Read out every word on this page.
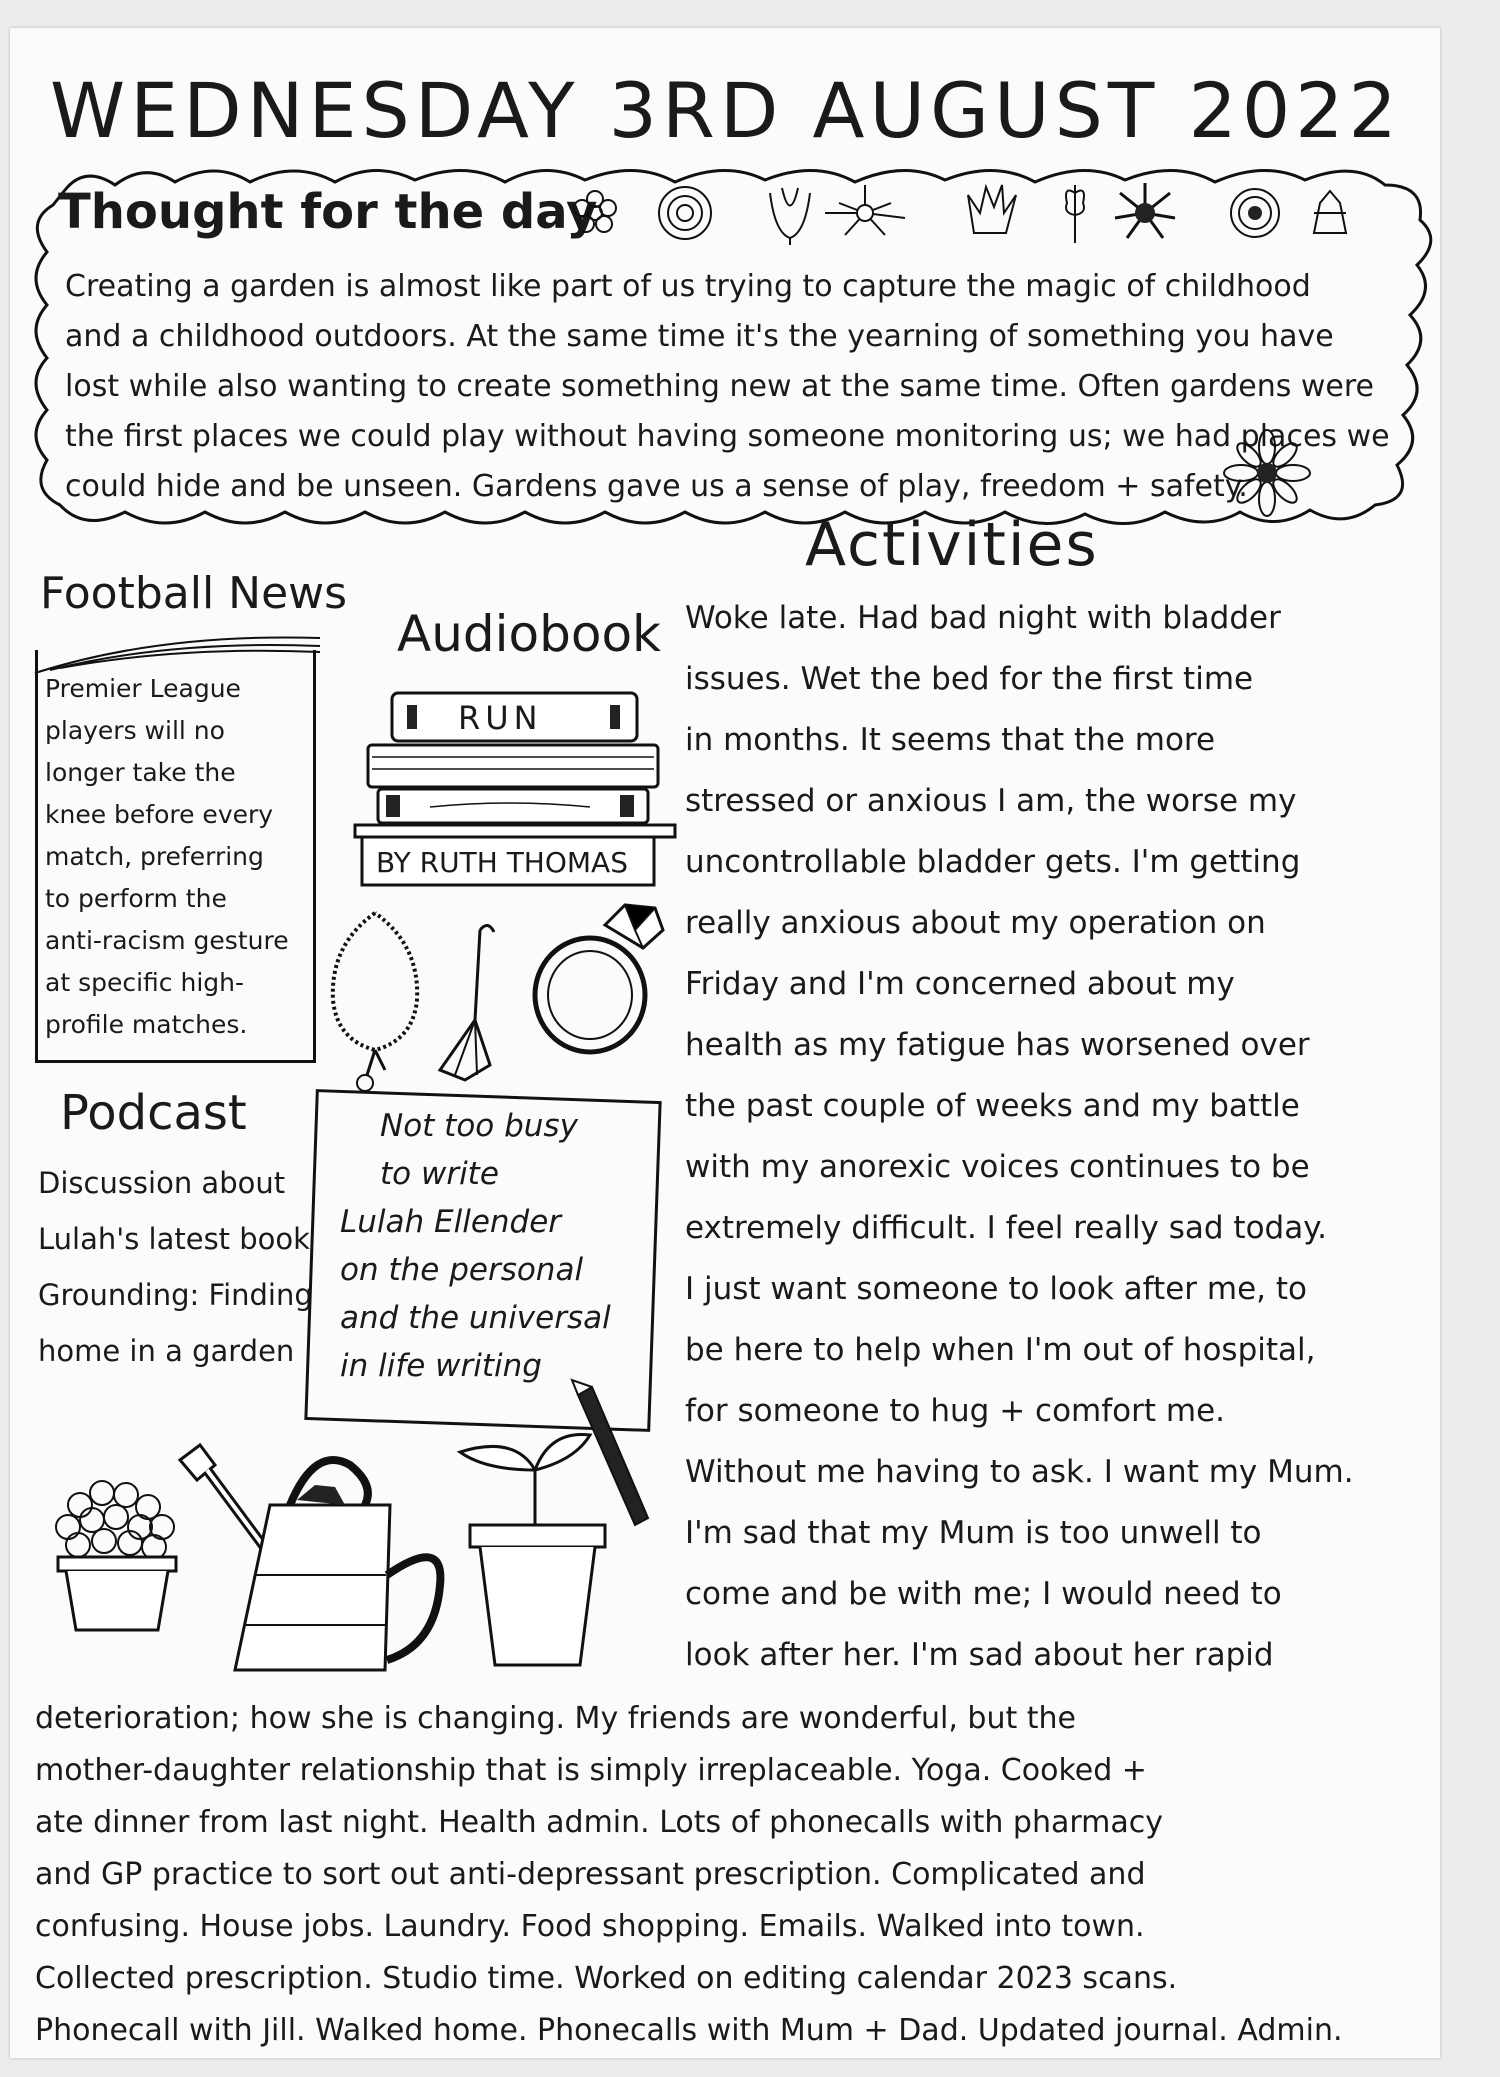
WEDNESDAY 3RD AUGUST 2022
Thought for the day
Creating a garden is almost like part of us trying to capture the magic of childhood
and a childhood outdoors. At the same time it's the yearning of something you have
lost while also wanting to create something new at the same time. Often gardens were
the first places we could play without having someone monitoring us; we had places we
could hide and be unseen. Gardens gave us a sense of play, freedom + safety.
Activities
Football News
Premier League
players will no
longer take the
knee before every
match, preferring
to perform the
anti-racism gesture
at specific high-
profile matches.
Audiobook
RUN
BY RUTH THOMAS
Podcast
Discussion about
Lulah's latest book
Grounding: Finding
home in a garden
Not too busy
to write
Lulah Ellender
on the personal
and the universal
in life writing
Woke late. Had bad night with bladder
issues. Wet the bed for the first time
in months. It seems that the more
stressed or anxious I am, the worse my
uncontrollable bladder gets. I'm getting
really anxious about my operation on
Friday and I'm concerned about my
health as my fatigue has worsened over
the past couple of weeks and my battle
with my anorexic voices continues to be
extremely difficult. I feel really sad today.
I just want someone to look after me, to
be here to help when I'm out of hospital,
for someone to hug + comfort me.
Without me having to ask. I want my Mum.
I'm sad that my Mum is too unwell to
come and be with me; I would need to
look after her. I'm sad about her rapid
deterioration; how she is changing. My friends are wonderful, but the
mother-daughter relationship that is simply irreplaceable. Yoga. Cooked +
ate dinner from last night. Health admin. Lots of phonecalls with pharmacy
and GP practice to sort out anti-depressant prescription. Complicated and
confusing. House jobs. Laundry. Food shopping. Emails. Walked into town.
Collected prescription. Studio time. Worked on editing calendar 2023 scans.
Phonecall with Jill. Walked home. Phonecalls with Mum + Dad. Updated journal. Admin.
